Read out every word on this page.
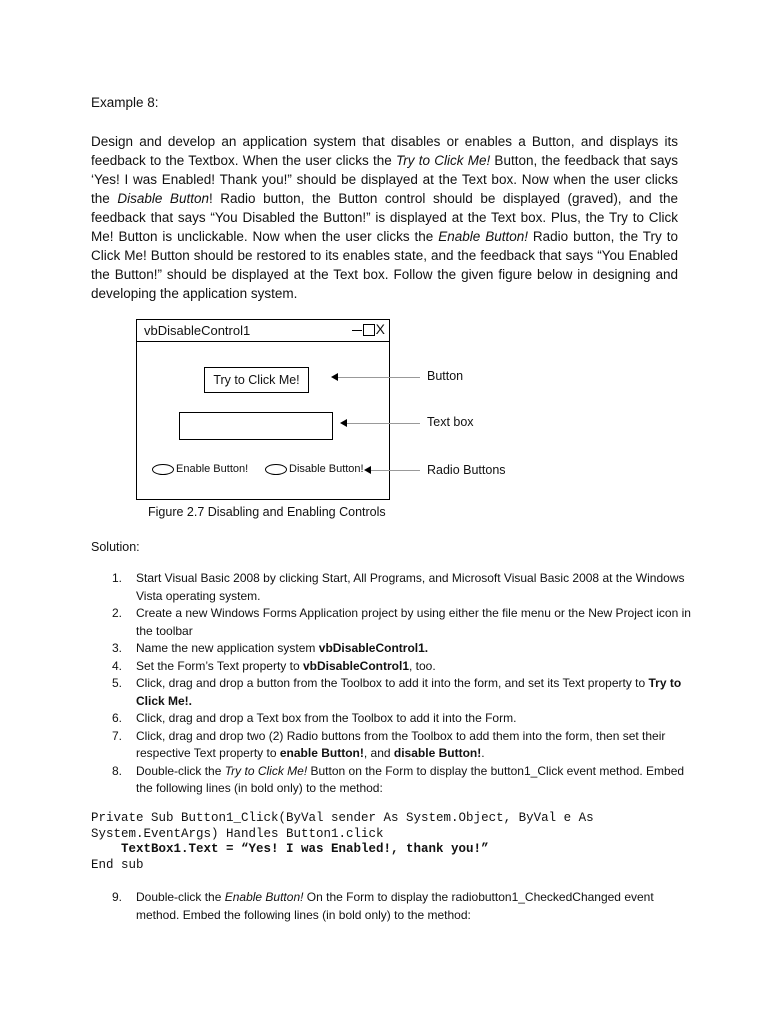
Example 8:
Design and develop an application system that disables or enables a Button, and displays its feedback to the Textbox. When the user clicks the Try to Click Me! Button, the feedback that says ‘Yes! I was Enabled! Thank you!” should be displayed at the Text box. Now when the user clicks the Disable Button! Radio button, the Button control should be displayed (graved), and the feedback that says “You Disabled the Button!” is displayed at the Text box. Plus, the Try to Click Me! Button is unclickable. Now when the user clicks the Enable Button! Radio button, the Try to Click Me! Button should be restored to its enables state, and the feedback that says “You Enabled the Button!” should be displayed at the Text box. Follow the given figure below in designing and developing the application system.
vbDisableControl1	X
Try to Click Me!
Enable Button!	Disable Button!
Button
Text box
Radio Buttons
Figure 2.7 Disabling and Enabling Controls
Solution:
1. Start Visual Basic 2008 by clicking Start, All Programs, and Microsoft Visual Basic 2008 at the Windows Vista operating system.
2. Create a new Windows Forms Application project by using either the file menu or the New Project icon in the toolbar
3. Name the new application system vbDisableControl1.
4. Set the Form’s Text property to vbDisableControl1, too.
5. Click, drag and drop a button from the Toolbox to add it into the form, and set its Text property to Try to Click Me!.
6. Click, drag and drop a Text box from the Toolbox to add it into the Form.
7. Click, drag and drop two (2) Radio buttons from the Toolbox to add them into the form, then set their respective Text property to enable Button!, and disable Button!.
8. Double-click the Try to Click Me! Button on the Form to display the button1_Click event method. Embed the following lines (in bold only) to the method:
Private Sub Button1_Click(ByVal sender As System.Object, ByVal e As
System.EventArgs) Handles Button1.click
TextBox1.Text = “Yes! I was Enabled!, thank you!”
End sub
9.	Double-click the Enable Button! On the Form to display the radiobutton1_CheckedChanged event method. Embed the following lines (in bold only) to the method:
